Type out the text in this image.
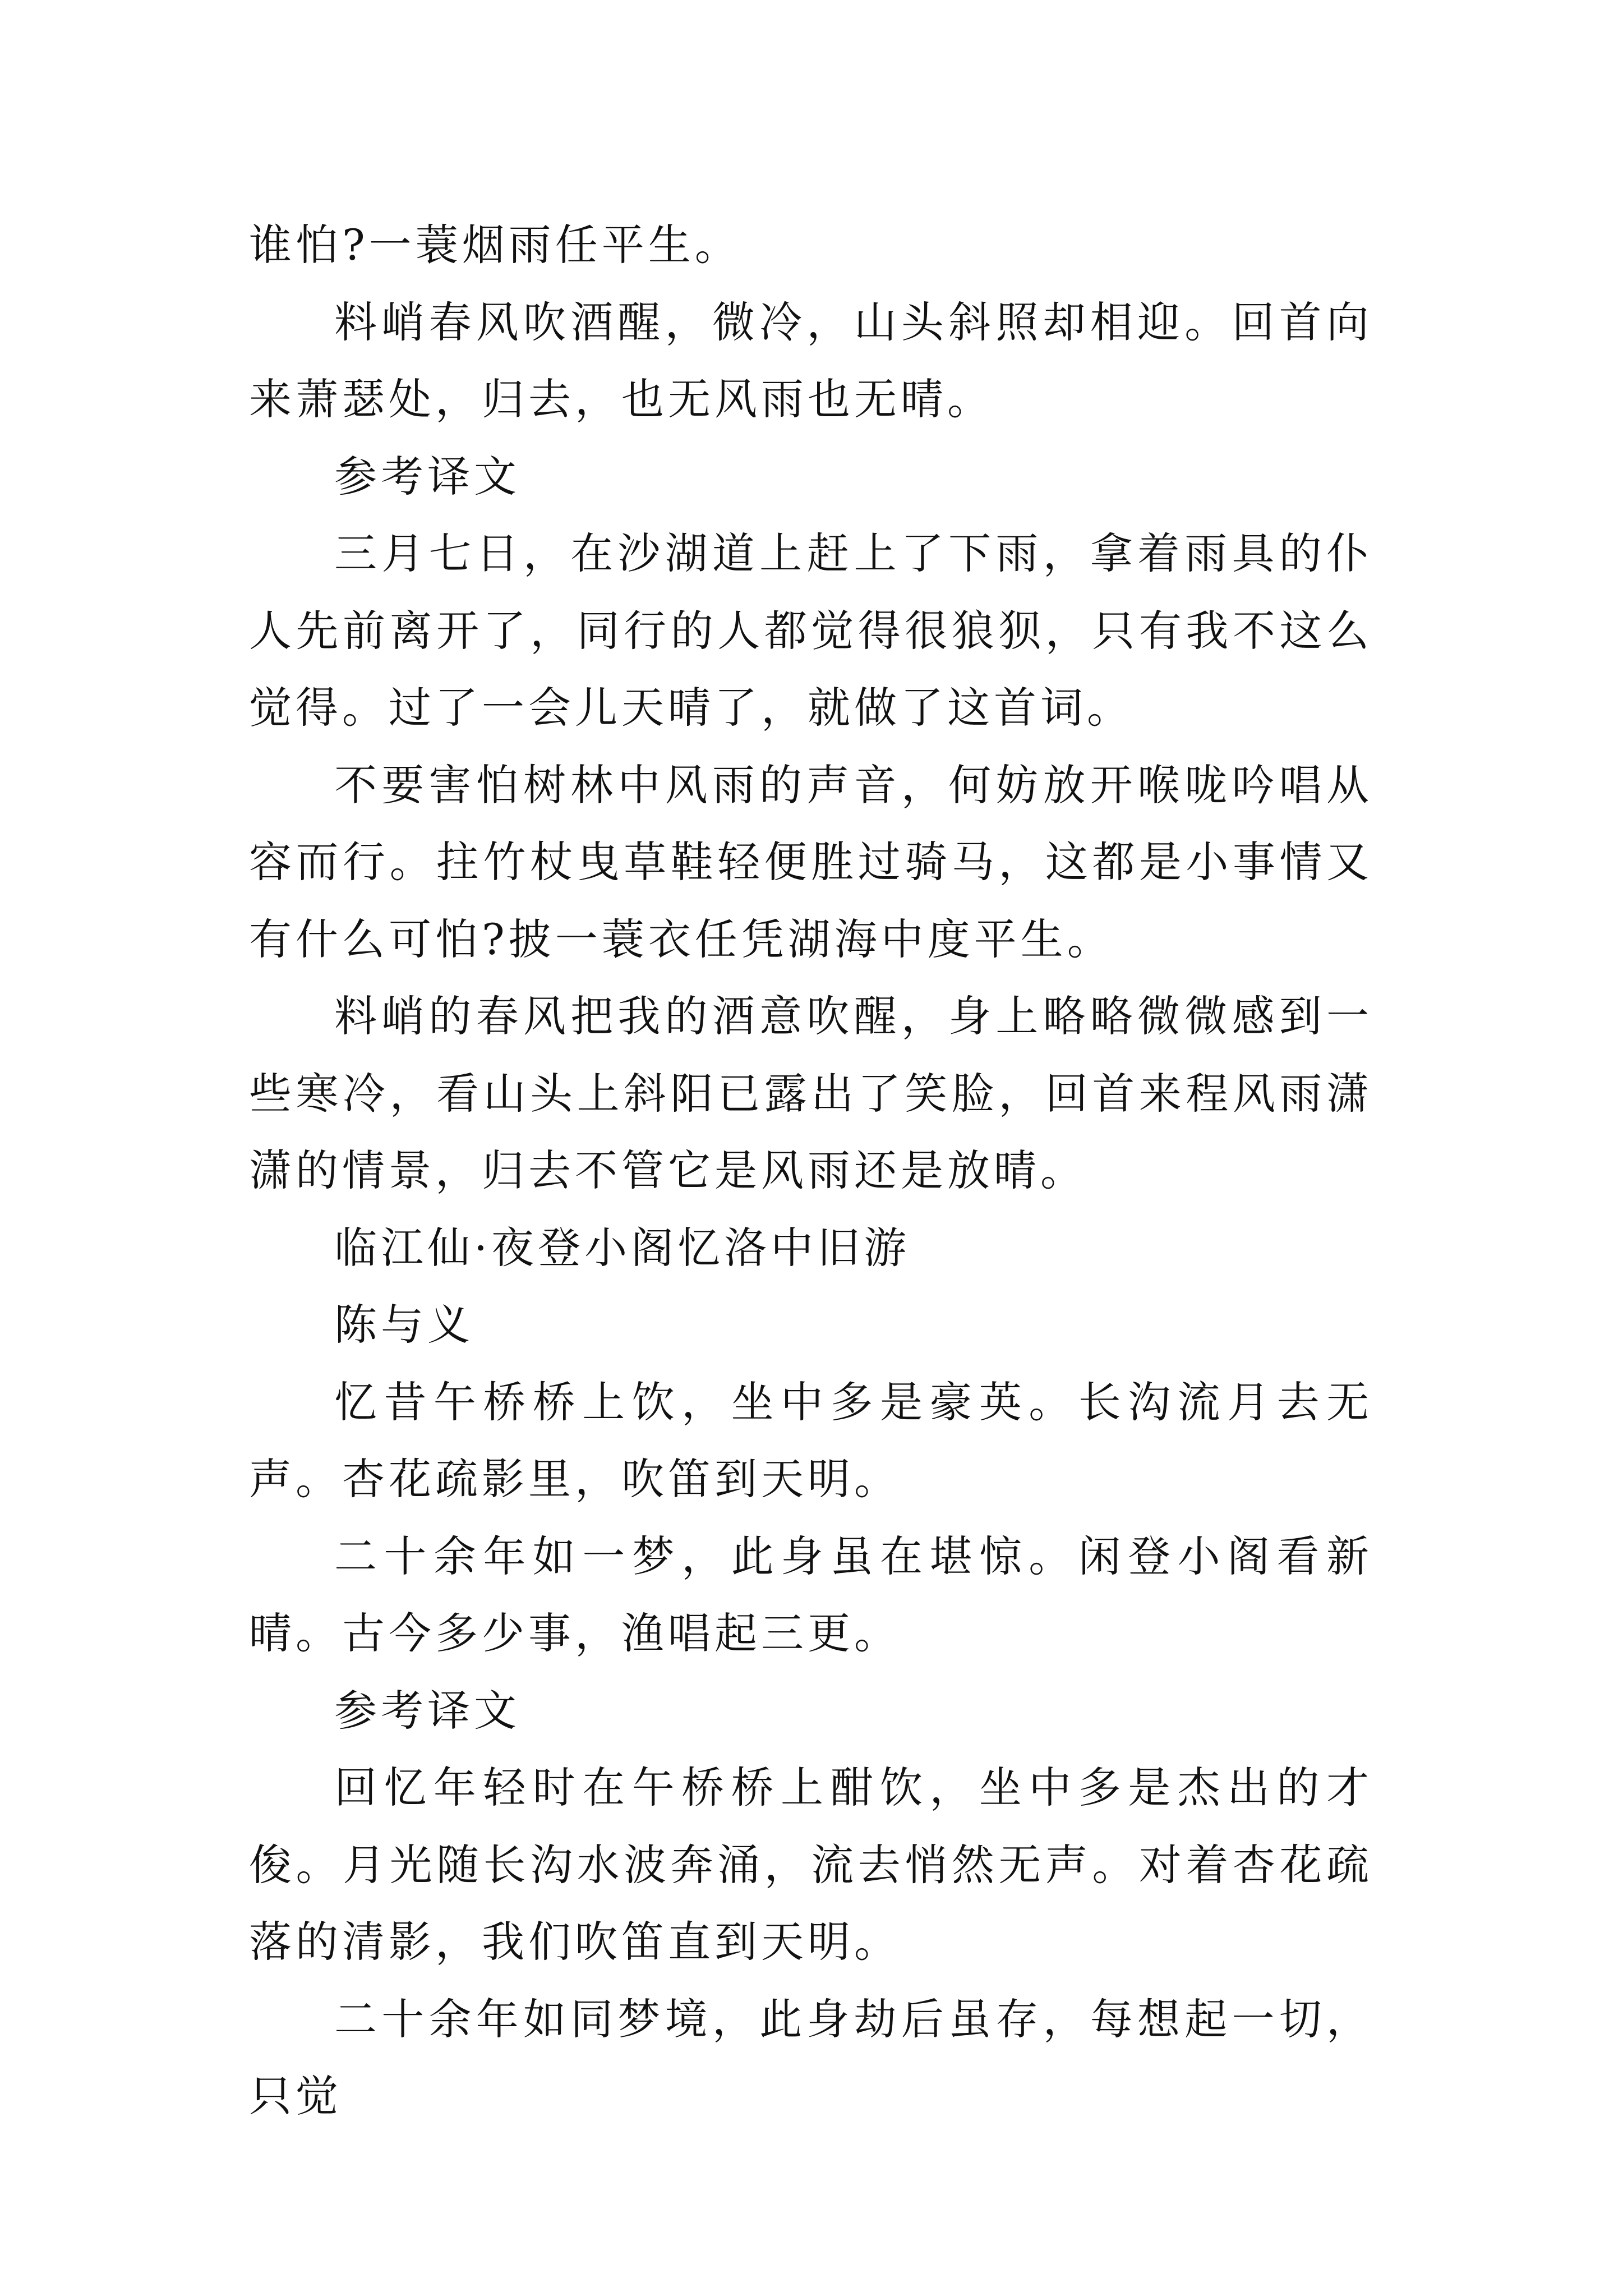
谁怕?一蓑烟雨任平生。

料峭春风吹酒醒，微冷，山头斜照却相迎。回首向来萧瑟处，归去，也无风雨也无晴。

参考译文

三月七日，在沙湖道上赶上了下雨，拿着雨具的仆人先前离开了，同行的人都觉得很狼狈，只有我不这么觉得。过了一会儿天晴了，就做了这首词。

不要害怕树林中风雨的声音，何妨放开喉咙吟唱从容而行。拄竹杖曳草鞋轻便胜过骑马，这都是小事情又有什么可怕?披一蓑衣任凭湖海中度平生。

料峭的春风把我的酒意吹醒，身上略略微微感到一些寒冷，看山头上斜阳已露出了笑脸，回首来程风雨潇潇的情景，归去不管它是风雨还是放晴。

临江仙·夜登小阁忆洛中旧游

陈与义

忆昔午桥桥上饮，坐中多是豪英。长沟流月去无声。杏花疏影里，吹笛到天明。

二十余年如一梦，此身虽在堪惊。闲登小阁看新晴。古今多少事，渔唱起三更。

参考译文

回忆年轻时在午桥桥上酣饮，坐中多是杰出的才俊。月光随长沟水波奔涌，流去悄然无声。对着杏花疏落的清影，我们吹笛直到天明。

二十余年如同梦境，此身劫后虽存，每想起一切，只觉
